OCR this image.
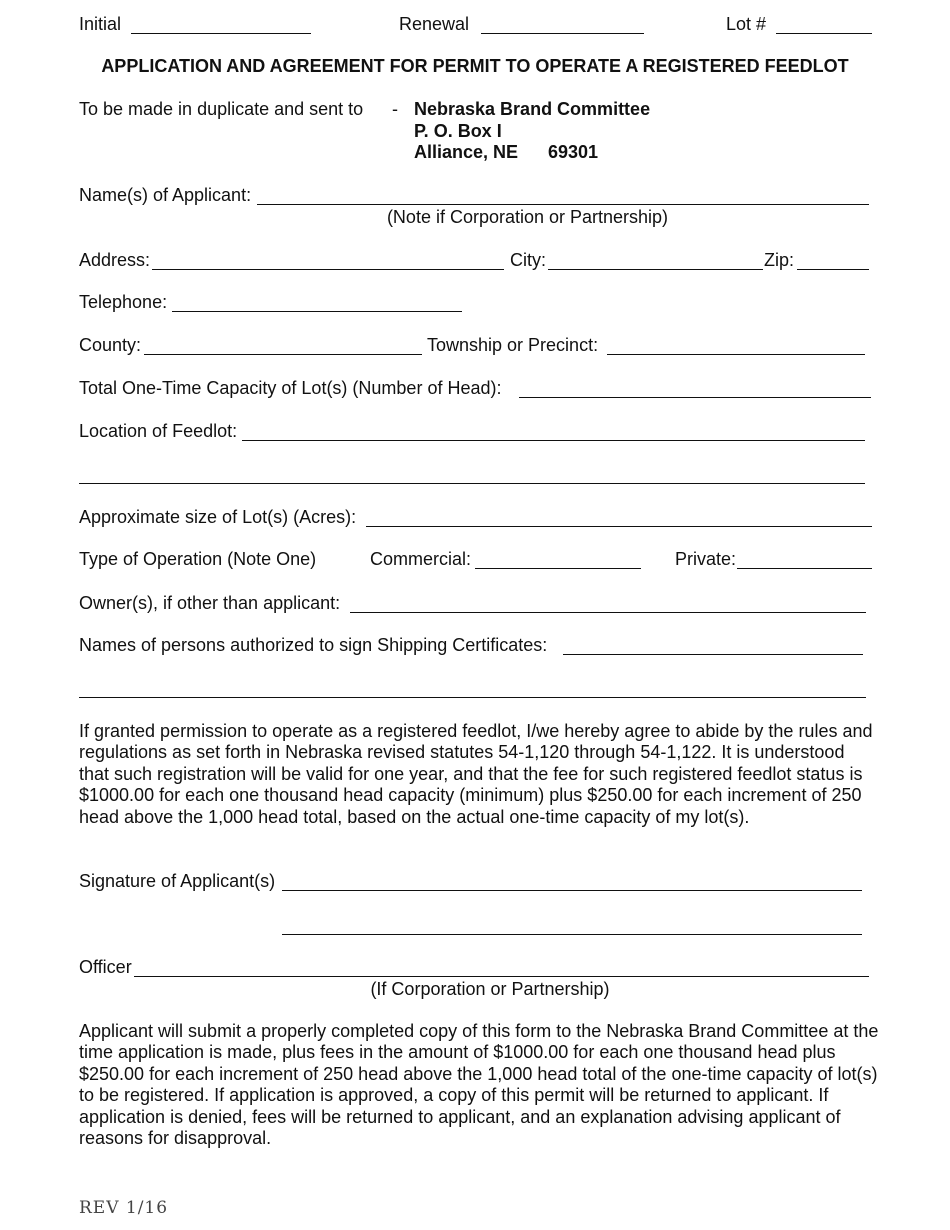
Initial	Renewal	Lot #
APPLICATION AND AGREEMENT FOR PERMIT TO OPERATE A REGISTERED FEEDLOT
To be made in duplicate and sent to - Nebraska Brand Committee
P. O. Box I
Alliance, NE 69301
Name(s) of Applicant:
(Note if Corporation or Partnership)
Address:	City:	Zip:
Telephone:
County:	Township or Precinct:
Total One-Time Capacity of Lot(s) (Number of Head):
Location of Feedlot:
Approximate size of Lot(s) (Acres):
Type of Operation (Note One)	Commercial:	Private:
Owner(s), if other than applicant:
Names of persons authorized to sign Shipping Certificates:
If granted permission to operate as a registered feedlot, I/we hereby agree to abide by the rules and regulations as set forth in Nebraska revised statutes 54-1,120 through 54-1,122. It is understood that such registration will be valid for one year, and that the fee for such registered feedlot status is $1000.00 for each one thousand head capacity (minimum) plus $250.00 for each increment of 250 head above the 1,000 head total, based on the actual one-time capacity of my lot(s).
Signature of Applicant(s)
Officer
(If Corporation or Partnership)
Applicant will submit a properly completed copy of this form to the Nebraska Brand Committee at the time application is made, plus fees in the amount of $1000.00 for each one thousand head plus $250.00 for each increment of 250 head above the 1,000 head total of the one-time capacity of lot(s) to be registered. If application is approved, a copy of this permit will be returned to applicant. If application is denied, fees will be returned to applicant, and an explanation advising applicant of reasons for disapproval.
REV 1/16
